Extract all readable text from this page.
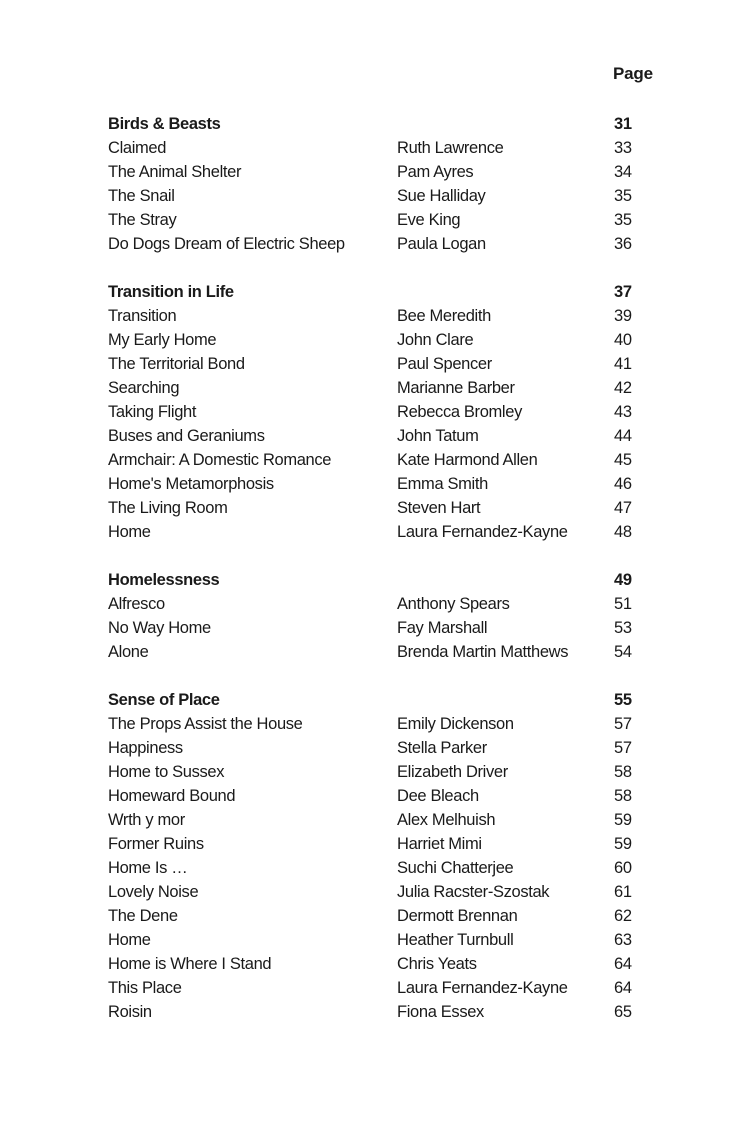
Page
Birds & Beasts	31
Claimed	Ruth Lawrence	33
The Animal Shelter	Pam Ayres	34
The Snail	Sue Halliday	35
The Stray	Eve King	35
Do Dogs Dream of Electric Sheep	Paula Logan	36
Transition in Life	37
Transition	Bee Meredith	39
My Early Home	John Clare	40
The Territorial Bond	Paul Spencer	41
Searching	Marianne Barber	42
Taking Flight	Rebecca Bromley	43
Buses and Geraniums	John Tatum	44
Armchair: A Domestic Romance	Kate Harmond Allen	45
Home's Metamorphosis	Emma Smith	46
The Living Room	Steven Hart	47
Home	Laura Fernandez-Kayne	48
Homelessness	49
Alfresco	Anthony Spears	51
No Way Home	Fay Marshall	53
Alone	Brenda Martin Matthews	54
Sense of Place	55
The Props Assist the House	Emily Dickenson	57
Happiness	Stella Parker	57
Home to Sussex	Elizabeth Driver	58
Homeward Bound	Dee Bleach	58
Wrth y mor	Alex Melhuish	59
Former Ruins	Harriet Mimi	59
Home Is …	Suchi Chatterjee	60
Lovely Noise	Julia Racster-Szostak	61
The Dene	Dermott Brennan	62
Home	Heather Turnbull	63
Home is Where I Stand	Chris Yeats	64
This Place	Laura Fernandez-Kayne	64
Roisin	Fiona Essex	65
